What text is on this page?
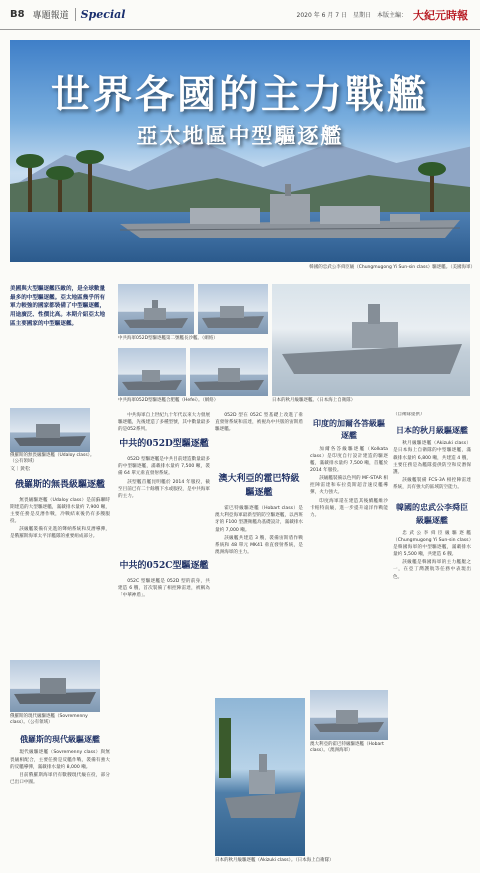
B8 專題報道	Special	2020 年 6 月 7 日　星期日　本版主編： 大紀元時報
世界各國的主力戰艦
亞太地區中型驅逐艦
韓國的忠武公李舜臣級（Chungmugong Yi Sun-sin class）驅逐艦。（美國海軍）
美國與大型驅逐艦匹敵的，是全球數量最多的中型驅逐艦。亞太地區幾乎所有軍力較強的國家都裝備了中型驅逐艦，用途廣泛、性價比高。本期介紹亞太地區主要國家的中型驅逐艦。
中共海軍052D型驅逐艦第二號艦長沙艦。（網絡）
中共海軍052D型驅逐艦合肥艦（Hefei）。（網絡）	日本的秋月級驅逐艦。（日本海上自衛隊）
俄羅斯的無畏級驅逐艦（Udaloy class）。（公有領域）
文｜黃松
俄羅斯的無畏級驅逐艦

無畏級驅逐艦（Udaloy class）是前蘇聯時期建造的大型驅逐艦，滿載排水量約 7,900 噸，主要任務是反潛作戰，冷戰結束後仍有多艘服役。

該級艦裝備有先進的聲納系統和反潛導彈，是俄羅斯海軍太平洋艦隊的重要組成部分。

俄羅斯的現代級驅逐艦（Sovremenny class）。（公有領域）
俄羅斯的現代級驅逐艦

現代級驅逐艦（Sovremenny class）與無畏級相配合，主要任務是反艦作戰，裝備有強大的反艦導彈，滿載排水量約 8,000 噸。

目前俄羅斯海軍仍有數艘現代級在役，部分已出口中國。

中共海軍自上世紀九十年代以來大力發展驅逐艦，先後建造了多種型號，其中數量最多的是052系列。

中共的052D型驅逐艦

052D 型驅逐艦是中共目前建造數量最多的中型驅逐艦，滿載排水量約 7,500 噸，裝備 64 單元垂直發射系統。

該型艦首艦昆明艦於 2014 年服役，截至目前已有二十餘艘下水或服役，是中共海軍的主力。

中共的052C型驅逐艦

052C 型驅逐艦是 052D 型的前身，共建造 6 艘，首次裝備了相控陣雷達，被稱為「中華神盾」。

052D 型在 052C 型基礎上改進了垂直發射系統和雷達，被視為中共版的宙斯盾驅逐艦。

澳大利亞的霍巴特級驅逐艦

霍巴特級驅逐艦（Hobart class）是澳大利亞海軍最新型的防空驅逐艦，以西班牙的 F100 型護衛艦為基礎設計，滿載排水量約 7,000 噸。

該級艦共建造 3 艘，裝備宙斯盾作戰系統和 48 單元 MK41 垂直發射系統，是澳洲海軍的主力。

印度的加爾各答級驅逐艦

加爾各答級驅逐艦（Kolkata class）是印度自行設計建造的驅逐艦，滿載排水量約 7,500 噸，首艦於 2014 年服役。

該級艦裝備以色列的 MF-STAR 相控陣雷達和布拉莫斯超音速反艦導彈，火力強大。

印度海軍還在建造其後續艦維沙卡帕特南級，進一步提升遠洋作戰能力。

（自衛隊提供）
日本的秋月級驅逐艦

秋月級驅逐艦（Akizuki class）是日本海上自衛隊的中型驅逐艦，滿載排水量約 6,800 噸，共建造 4 艘，主要任務是為艦隊提供防空和反潛保護。

該級艦裝備 FCS-3A 相控陣雷達系統，具有強大的區域防空能力。

韓國的忠武公李舜臣級驅逐艦

忠武公李舜臣級驅逐艦（Chungmugong Yi Sun-sin class）是韓國海軍的中型驅逐艦，滿載排水量約 5,500 噸，共建造 6 艘。

該級艦是韓國海軍的主力艦艇之一，在亞丁灣護航等任務中表現出色。

澳大利亞的霍巴特級驅逐艦（Hobart class）。（澳洲海軍）
日本的秋月級驅逐艦（Akizuki class）。（日本海上自衛隊）
